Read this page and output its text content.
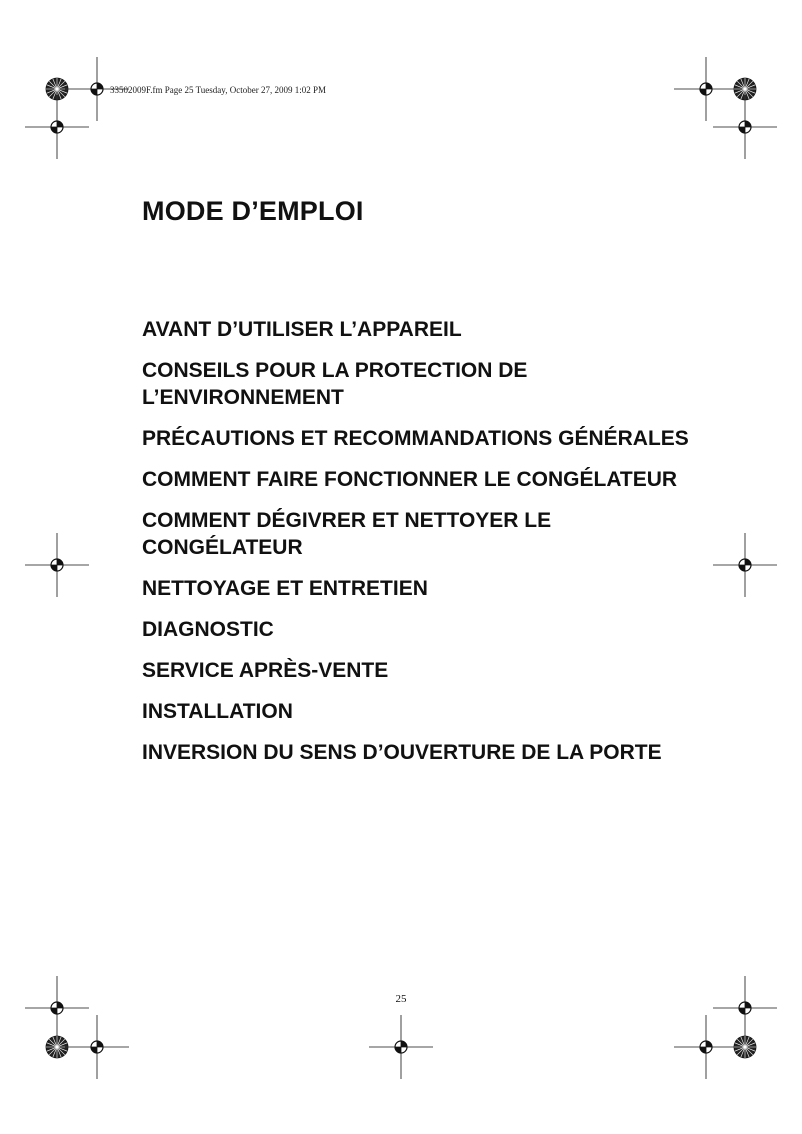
33502009F.fm Page 25 Tuesday, October 27, 2009 1:02 PM
MODE D’EMPLOI
AVANT D’UTILISER L’APPAREIL
CONSEILS POUR LA PROTECTION DE L’ENVIRONNEMENT
PRÉCAUTIONS ET RECOMMANDATIONS GÉNÉRALES
COMMENT FAIRE FONCTIONNER LE CONGÉLATEUR
COMMENT DÉGIVRER ET NETTOYER LE CONGÉLATEUR
NETTOYAGE ET ENTRETIEN
DIAGNOSTIC
SERVICE APRÈS-VENTE
INSTALLATION
INVERSION DU SENS D’OUVERTURE DE LA PORTE
25
